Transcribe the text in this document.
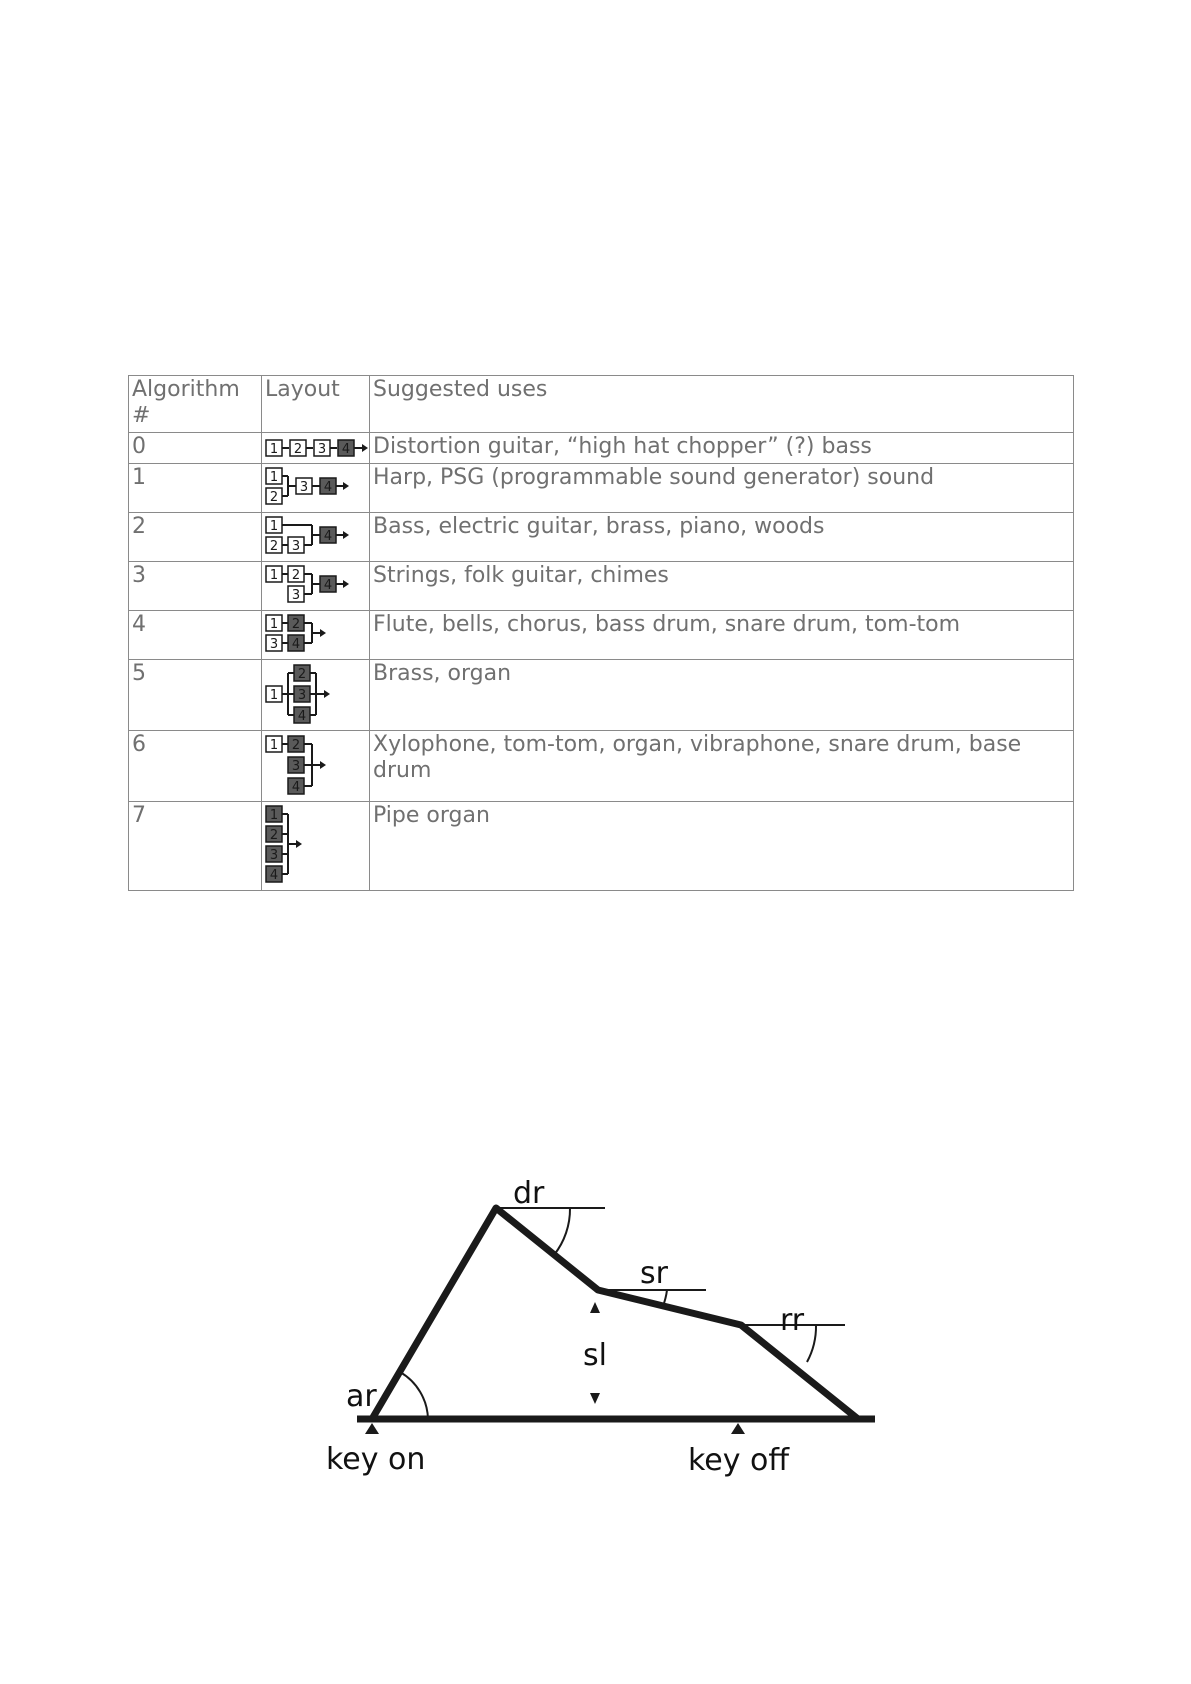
Algorithm #	Layout	Suggested uses
0	1 2 3 4	Distortion guitar, “high hat chopper” (?) bass
1	1
2
3 4	Harp, PSG (programmable sound generator) sound
2	1
2 3
4	Bass, electric guitar, brass, piano, woods
3	1 2
3
4	Strings, folk guitar, chimes
4	1 2
3 4	Flute, bells, chorus, bass drum, snare drum, tom-tom
5	1
2
3
4	Brass, organ
6	1 2
3
4	Xylophone, tom-tom, organ, vibraphone, snare drum, base drum
7	1
2
3
4	Pipe organ
dr
sr
rr
sl
ar
key on	key off
